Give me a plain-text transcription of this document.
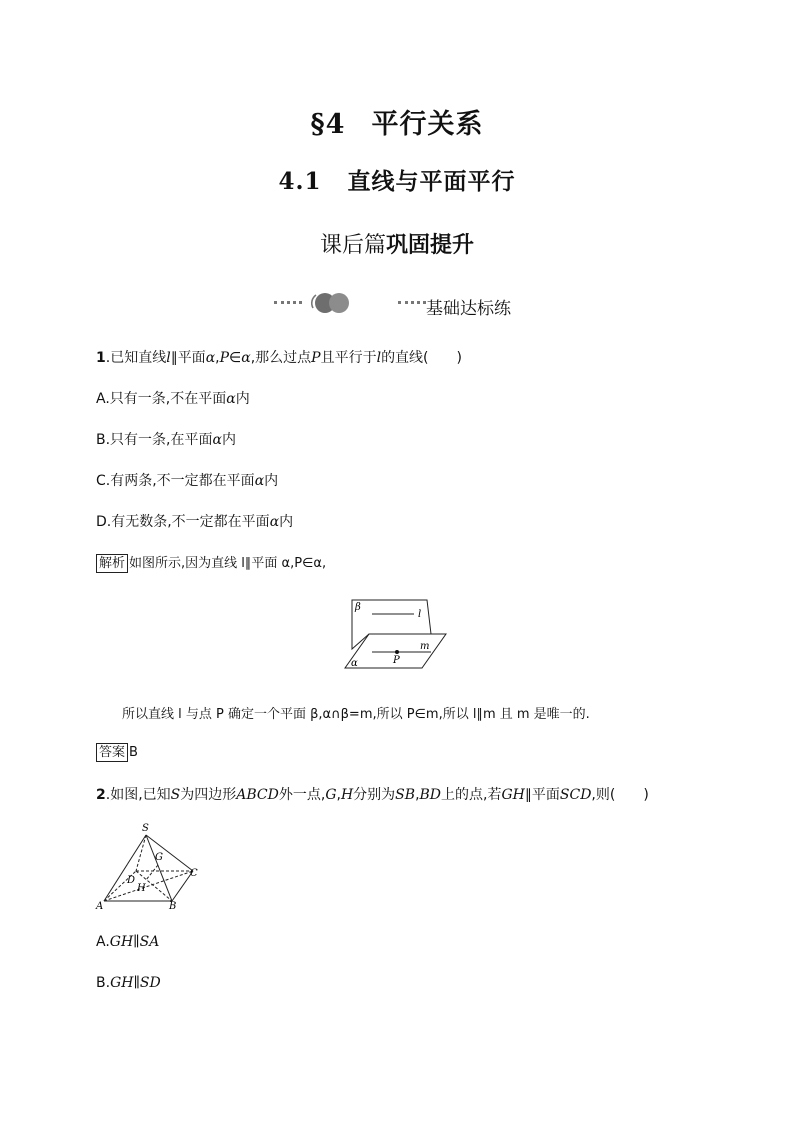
§4 平行关系
4.1 直线与平面平行
课后篇巩固提升
基础达标练
1.已知直线l∥平面α,P∈α,那么过点P且平行于l的直线(　　)
A.只有一条,不在平面α内
B.只有一条,在平面α内
C.有两条,不一定都在平面α内
D.有无数条,不一定都在平面α内
解析 如图所示,因为直线 l∥平面 α,P∈α,
β
l
m
P
α
所以直线 l 与点 P 确定一个平面 β,α∩β=m,所以 P∈m,所以 l∥m 且 m 是唯一的.
答案 B
2.如图,已知S为四边形ABCD外一点,G,H分别为SB,BD上的点,若GH∥平面SCD,则(　　)
S
G
C
D
H
A	B
A.GH∥SA
B.GH∥SD
